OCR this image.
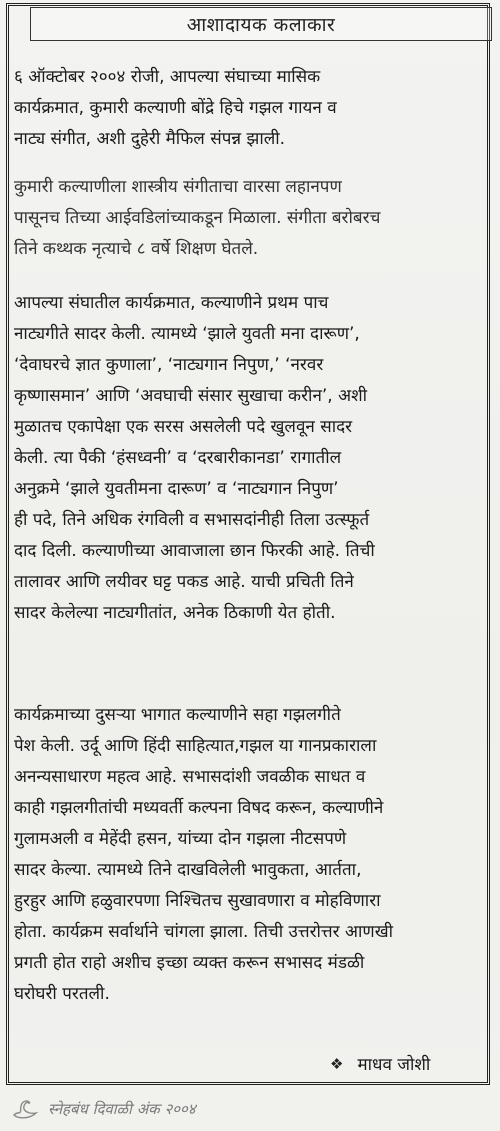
आशादायक कलाकार
६ ऑक्टोबर २००४ रोजी, आपल्या संघाच्या मासिक
कार्यक्रमात, कुमारी कल्याणी बोंद्रे हिचे गझल गायन व
नाट्य संगीत, अशी दुहेरी मैफिल संपन्न झाली.
कुमारी कल्याणीला शास्त्रीय संगीताचा वारसा लहानपण
पासूनच तिच्या आईवडिलांच्याकडून मिळाला. संगीता बरोबरच
तिने कथ्थक नृत्याचे ८ वर्षे शिक्षण घेतले.
आपल्या संघातील कार्यक्रमात, कल्याणीने प्रथम पाच
नाट्यगीते सादर केली. त्यामध्ये ‘झाले युवती मना दारूण’,
‘देवाघरचे ज्ञात कुणाला’, ‘नाट्यगान निपुण,’ ‘नरवर
कृष्णासमान’ आणि ‘अवघाची संसार सुखाचा करीन’, अशी
मुळातच एकापेक्षा एक सरस असलेली पदे खुलवून सादर
केली. त्या पैकी ‘हंसध्वनी’ व ‘दरबारीकानडा’ रागातील
अनुक्रमे ‘झाले युवतीमना दारूण’ व ‘नाट्यगान निपुण’
ही पदे, तिने अधिक रंगविली व सभासदांनीही तिला उत्स्फूर्त
दाद दिली. कल्याणीच्या आवाजाला छान फिरकी आहे. तिची
तालावर आणि लयीवर घट्ट पकड आहे. याची प्रचिती तिने
सादर केलेल्या नाट्यगीतांत, अनेक ठिकाणी येत होती.
कार्यक्रमाच्या दुसऱ्या भागात कल्याणीने सहा गझलगीते
पेश केली. उर्दू आणि हिंदी साहित्यात,गझल या गानप्रकाराला
अनन्यसाधारण महत्व आहे. सभासदांशी जवळीक साधत व
काही गझलगीतांची मध्यवर्ती कल्पना विषद करून, कल्याणीने
गुलामअली व मेहेंदी हसन, यांच्या दोन गझला नीटसपणे
सादर केल्या. त्यामध्ये तिने दाखविलेली भावुकता, आर्तता,
हुरहुर आणि हळुवारपणा निश्चितच सुखावणारा व मोहविणारा
होता. कार्यक्रम सर्वार्थाने चांगला झाला. तिची उत्तरोत्तर आणखी
प्रगती होत राहो अशीच इच्छा व्यक्त करून सभासद मंडळी
घरोघरी परतली.
❖ माधव जोशी
स्नेहबंध दिवाळी अंक २००४
